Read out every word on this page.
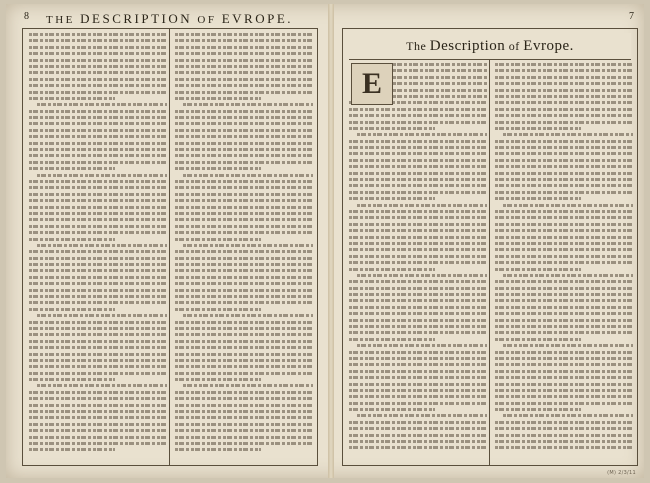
8 THE DESCRIPTION OF EVROPE.	7
The Description of Evrope.
E
(M) 2/3/11
